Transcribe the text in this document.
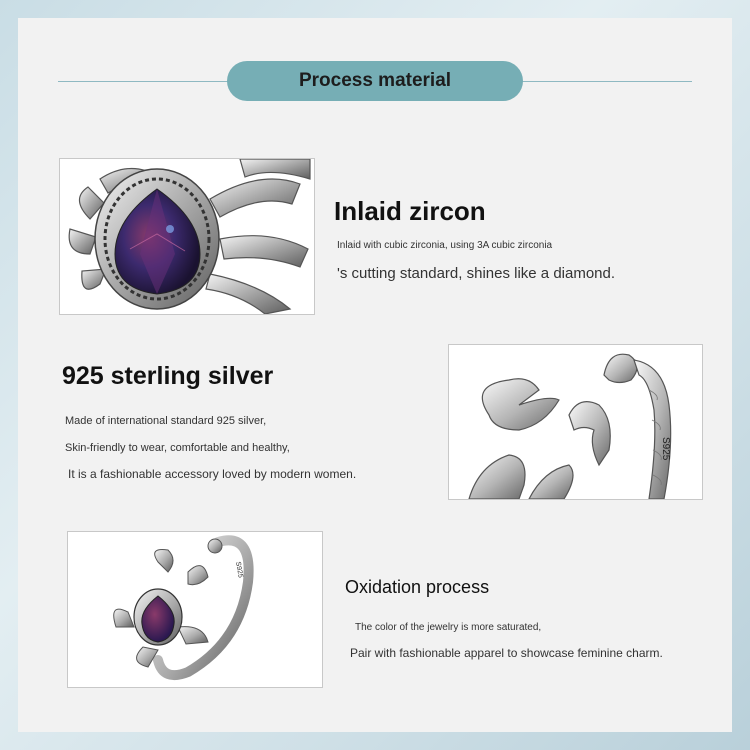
Process material
Inlaid zircon
Inlaid with cubic zirconia, using 3A cubic zirconia
's cutting standard, shines like a diamond.
925 sterling silver
Made of international standard 925 silver,
Skin-friendly to wear, comfortable and healthy,
It is a fashionable accessory loved by modern women.
S925
S925
Oxidation process
The color of the jewelry is more saturated,
Pair with fashionable apparel to showcase feminine charm.
